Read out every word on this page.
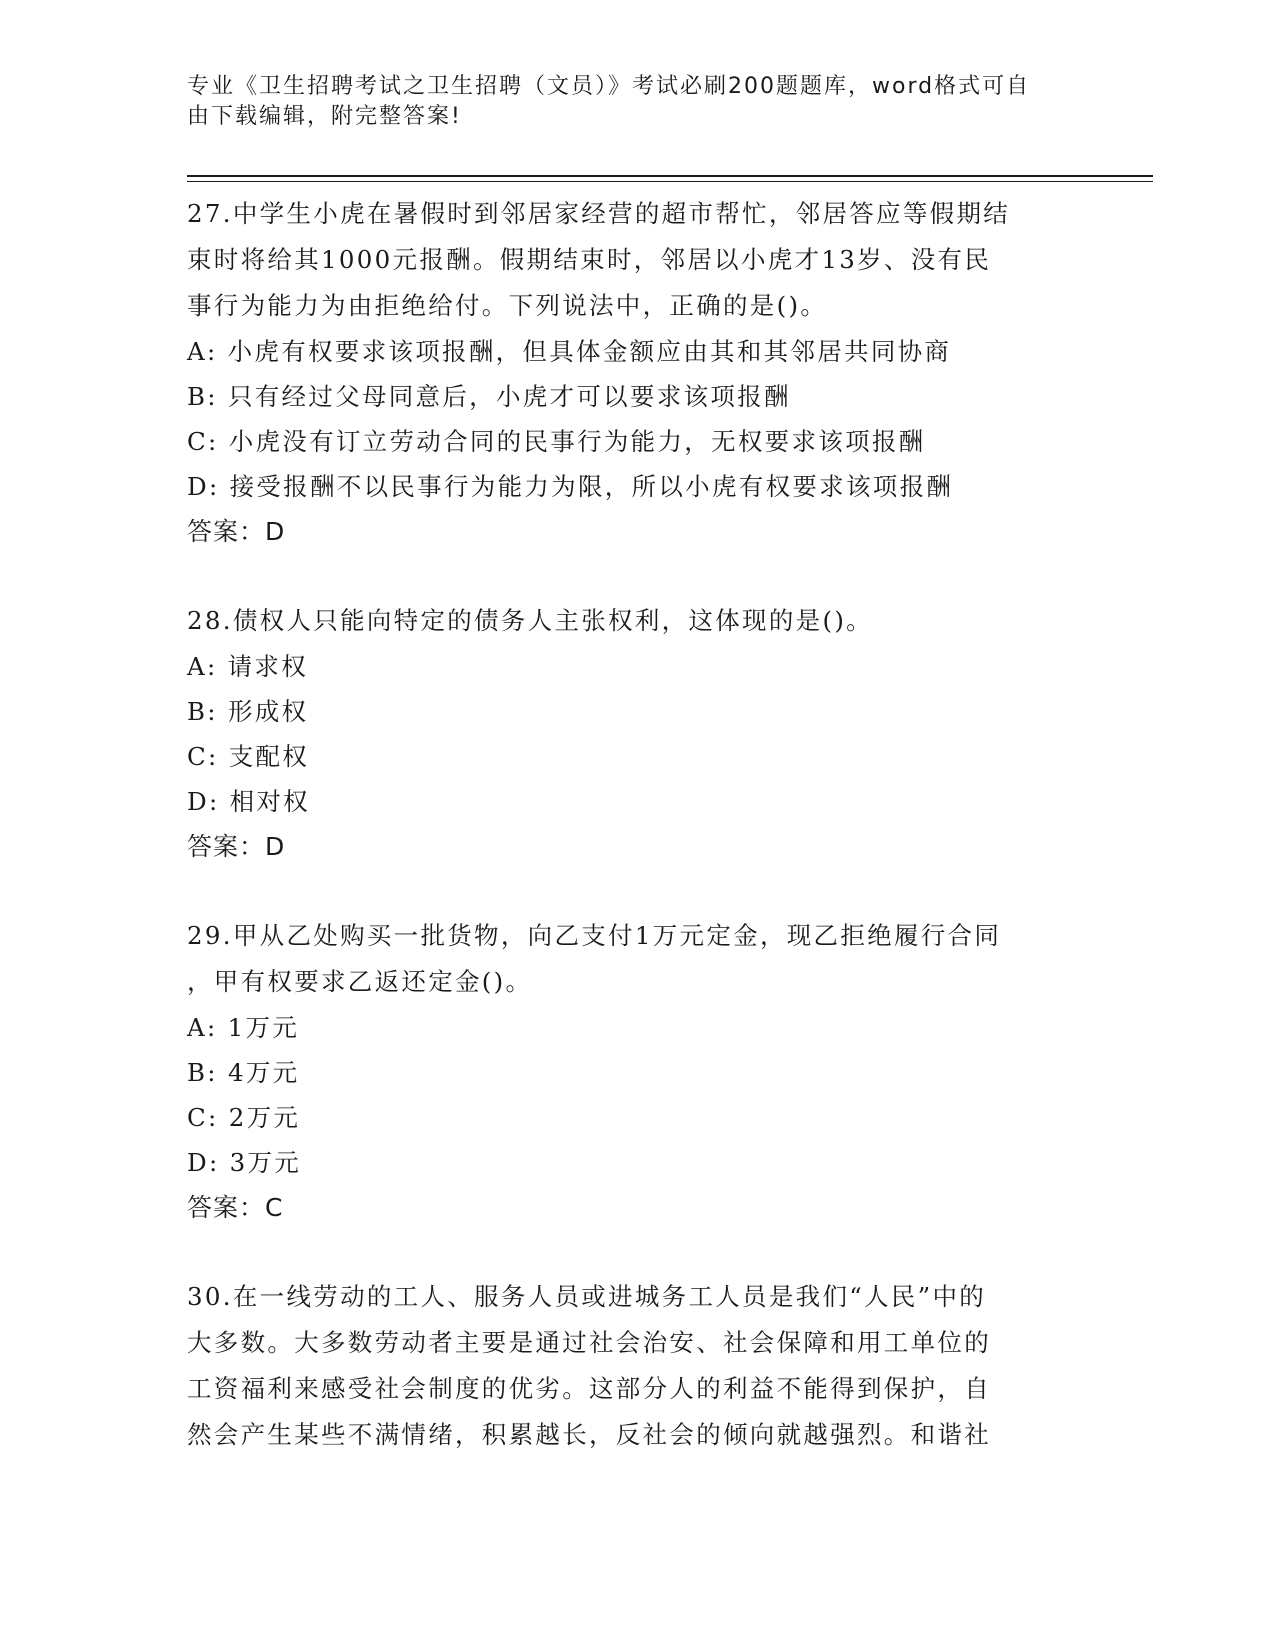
专业《卫生招聘考试之卫生招聘（文员）》考试必刷200题题库，word格式可自
由下载编辑，附完整答案!

27.中学生小虎在暑假时到邻居家经营的超市帮忙，邻居答应等假期结

束时将给其1000元报酬。假期结束时，邻居以小虎才13岁、没有民

事行为能力为由拒绝给付。下列说法中，正确的是()。

A: 小虎有权要求该项报酬，但具体金额应由其和其邻居共同协商

B: 只有经过父母同意后，小虎才可以要求该项报酬

C: 小虎没有订立劳动合同的民事行为能力，无权要求该项报酬

D: 接受报酬不以民事行为能力为限，所以小虎有权要求该项报酬

答案：D

28.债权人只能向特定的债务人主张权利，这体现的是()。

A: 请求权

B: 形成权

C: 支配权

D: 相对权

答案：D

29.甲从乙处购买一批货物，向乙支付1万元定金，现乙拒绝履行合同

，甲有权要求乙返还定金()。

A: 1万元

B: 4万元

C: 2万元

D: 3万元

答案：C

30.在一线劳动的工人、服务人员或进城务工人员是我们“人民”中的

大多数。大多数劳动者主要是通过社会治安、社会保障和用工单位的

工资福利来感受社会制度的优劣。这部分人的利益不能得到保护，自

然会产生某些不满情绪，积累越长，反社会的倾向就越强烈。和谐社
